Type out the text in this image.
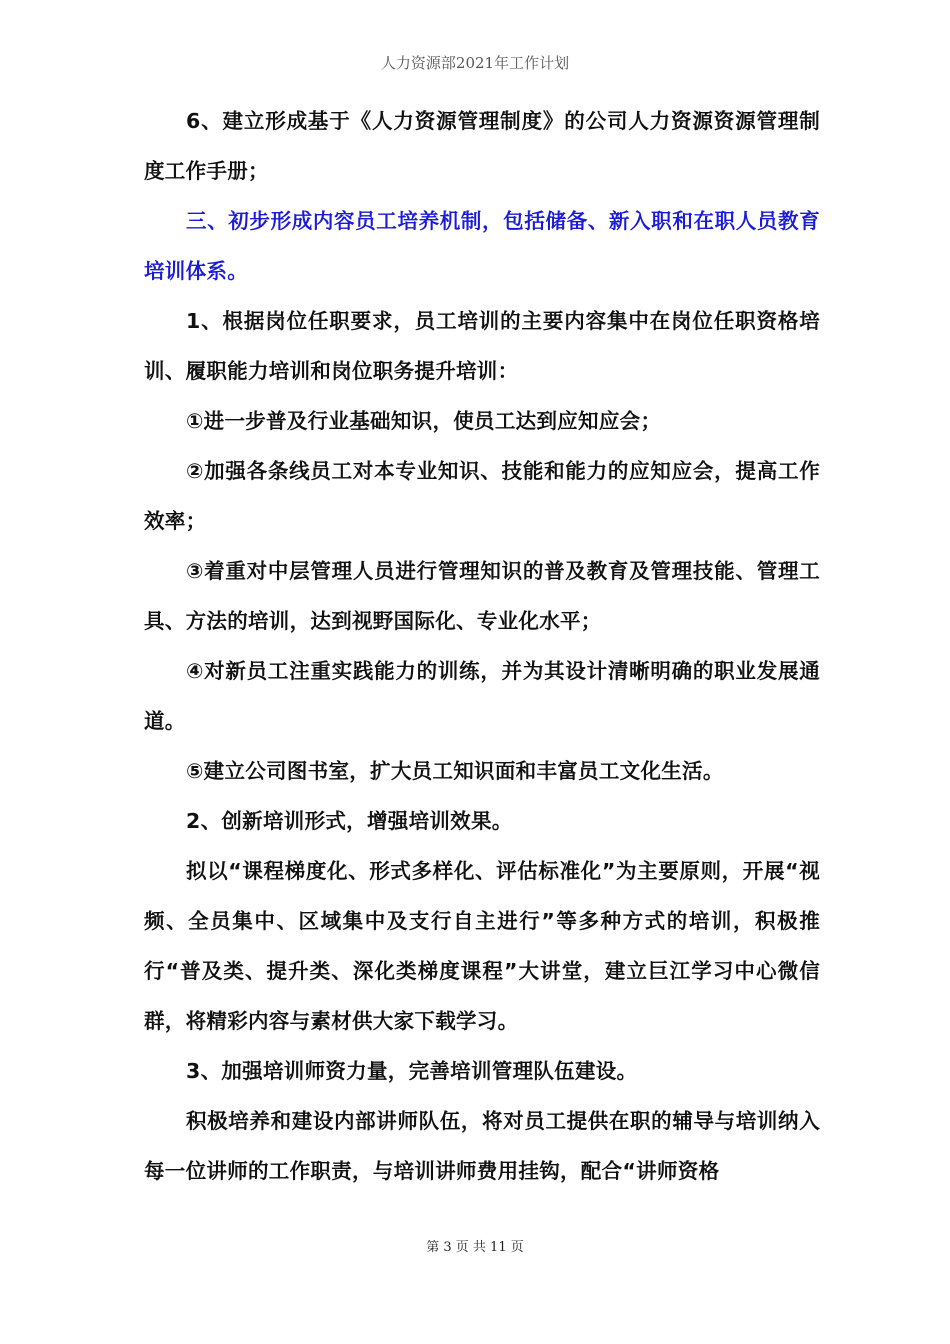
人力资源部2021年工作计划

6、建立形成基于《人力资源管理制度》的公司人力资源资源管理制度工作手册；

三、初步形成内容员工培养机制，包括储备、新入职和在职人员教育培训体系。

1、根据岗位任职要求，员工培训的主要内容集中在岗位任职资格培训、履职能力培训和岗位职务提升培训：

①进一步普及行业基础知识，使员工达到应知应会；

②加强各条线员工对本专业知识、技能和能力的应知应会，提高工作效率；

③着重对中层管理人员进行管理知识的普及教育及管理技能、管理工具、方法的培训，达到视野国际化、专业化水平；

④对新员工注重实践能力的训练，并为其设计清晰明确的职业发展通道。

⑤建立公司图书室，扩大员工知识面和丰富员工文化生活。

2、创新培训形式，增强培训效果。

拟以“课程梯度化、形式多样化、评估标准化”为主要原则，开展“视频、全员集中、区域集中及支行自主进行”等多种方式的培训，积极推行“普及类、提升类、深化类梯度课程”大讲堂，建立巨江学习中心微信群，将精彩内容与素材供大家下载学习。

3、加强培训师资力量，完善培训管理队伍建设。

积极培养和建设内部讲师队伍，将对员工提供在职的辅导与培训纳入每一位讲师的工作职责，与培训讲师费用挂钩，配合“讲师资格

第 3 页 共 11 页
